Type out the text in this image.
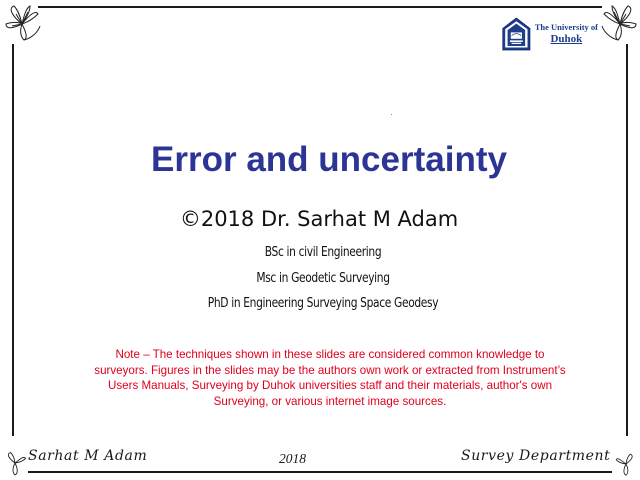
The University of
Duhok
Error and uncertainty
©2018 Dr. Sarhat M Adam
BSc in civil Engineering
Msc in Geodetic Surveying
PhD in Engineering Surveying Space Geodesy
Note – The techniques shown in these slides are considered common knowledge to surveyors. Figures in the slides may be the authors own work or extracted from Instrument’s Users Manuals, Surveying by Duhok universities staff and their materials, author's own Surveying, or various internet image sources.
Sarhat M Adam	2018	Survey Department
